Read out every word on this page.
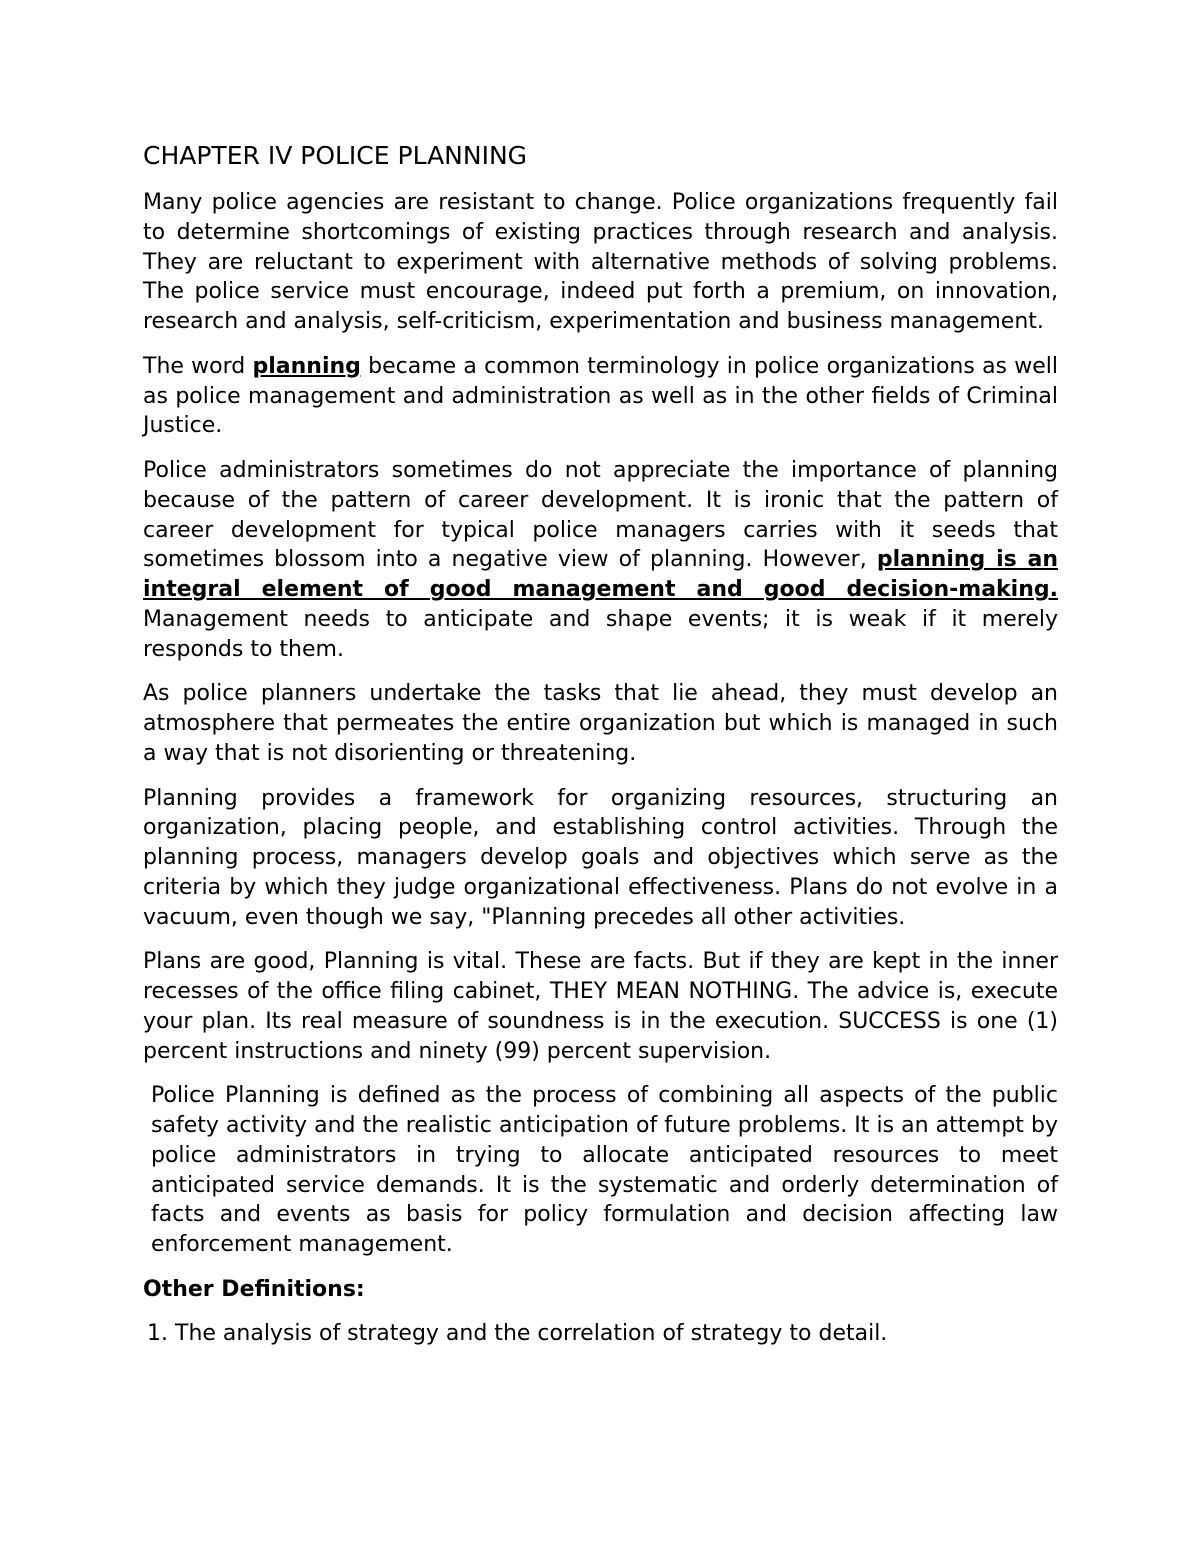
CHAPTER IV POLICE PLANNING

Many police agencies are resistant to change. Police organizations frequently fail to determine shortcomings of existing practices through research and analysis. They are reluctant to experiment with alternative methods of solving problems. The police service must encourage, indeed put forth a premium, on innovation, research and analysis, self-criticism, experimentation and business management.

The word planning became a common terminology in police organizations as well as police management and administration as well as in the other fields of Criminal Justice.

Police administrators sometimes do not appreciate the importance of planning because of the pattern of career development. It is ironic that the pattern of career development for typical police managers carries with it seeds that sometimes blossom into a negative view of planning. However, planning is an integral element of good management and good decision-making. Management needs to anticipate and shape events; it is weak if it merely responds to them.

As police planners undertake the tasks that lie ahead, they must develop an atmosphere that permeates the entire organization but which is managed in such a way that is not disorienting or threatening.

Planning provides a framework for organizing resources, structuring an organization, placing people, and establishing control activities. Through the planning process, managers develop goals and objectives which serve as the criteria by which they judge organizational effectiveness. Plans do not evolve in a vacuum, even though we say, "Planning precedes all other activities.

Plans are good, Planning is vital. These are facts. But if they are kept in the inner recesses of the office filing cabinet, THEY MEAN NOTHING. The advice is, execute your plan. Its real measure of soundness is in the execution. SUCCESS is one (1) percent instructions and ninety (99) percent supervision.

Police Planning is defined as the process of combining all aspects of the public safety activity and the realistic anticipation of future problems. It is an attempt by police administrators in trying to allocate anticipated resources to meet anticipated service demands. It is the systematic and orderly determination of facts and events as basis for policy formulation and decision affecting law enforcement management.

Other Definitions:

1. The analysis of strategy and the correlation of strategy to detail.
